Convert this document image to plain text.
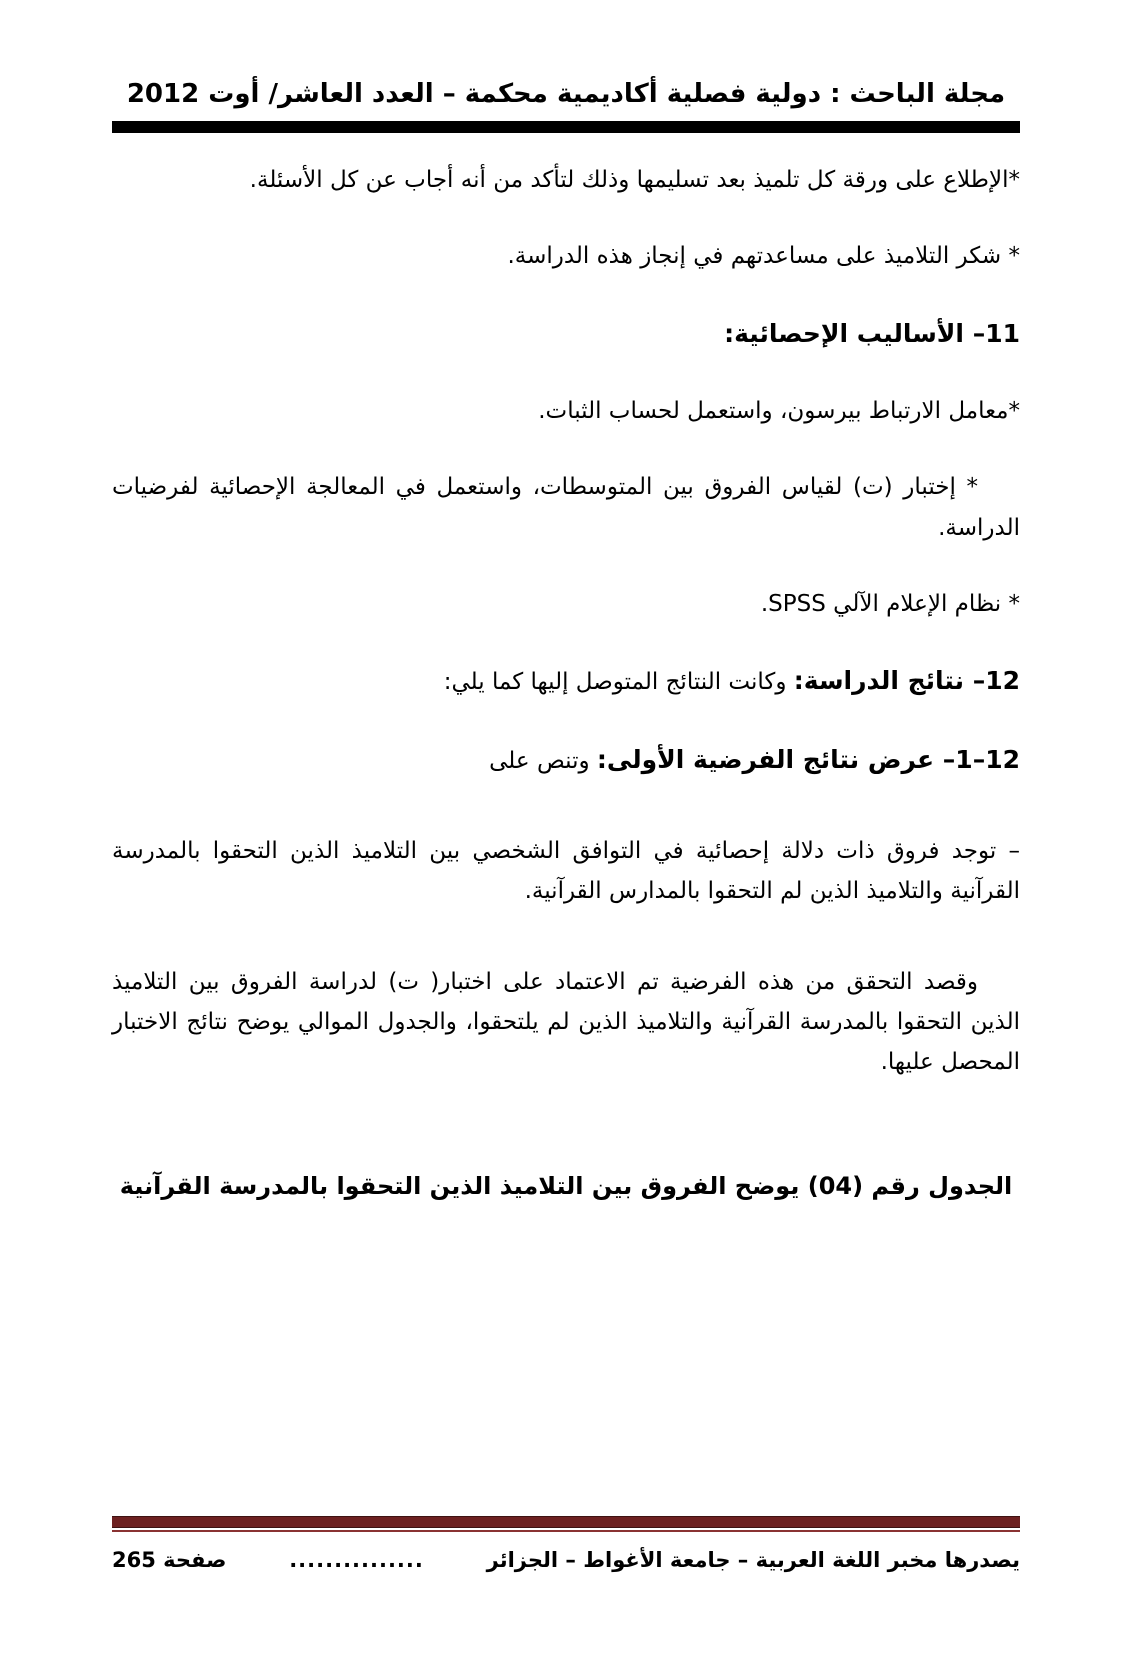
مجلة الباحث : دولية فصلية أكاديمية محكمة – العدد العاشر/ أوت 2012

*الإطلاع على ورقة كل تلميذ بعد تسليمها وذلك لتأكد من أنه أجاب عن كل الأسئلة.

* شكر التلاميذ على مساعدتهم في إنجاز هذه الدراسة.

11– الأساليب الإحصائية:

*معامل الارتباط بيرسون، واستعمل لحساب الثبات.

* إختبار (ت) لقياس الفروق بين المتوسطات، واستعمل في المعالجة الإحصائية لفرضيات الدراسة.

* نظام الإعلام الآلي SPSS.

12– نتائج الدراسة: وكانت النتائج المتوصل إليها كما يلي:
12–1– عرض نتائج الفرضية الأولى: وتنص على

– توجد فروق ذات دلالة إحصائية في التوافق الشخصي بين التلاميذ الذين التحقوا بالمدرسة القرآنية والتلاميذ الذين لم التحقوا بالمدارس القرآنية.

وقصد التحقق من هذه الفرضية تم الاعتماد على اختبار( ت) لدراسة الفروق بين التلاميذ الذين التحقوا بالمدرسة القرآنية والتلاميذ الذين لم يلتحقوا، والجدول الموالي يوضح نتائج الاختبار المحصل عليها.

الجدول رقم (04) يوضح الفروق بين التلاميذ الذين التحقوا بالمدرسة القرآنية

يصدرها مخبر اللغة العربية – جامعة الأغواط – الجزائر
...............
صفحة 265
